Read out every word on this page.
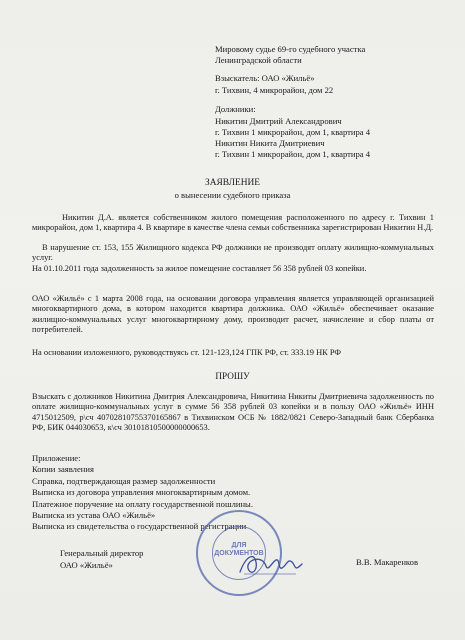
Мировому судье 69-го судебного участка
Ленинградской области
Взыскатель: ОАО «Жильё»
г. Тихвин, 4 микрорайон, дом 22
Должники:
Никитин Дмитрий Александрович
г. Тихвин 1 микрорайон, дом 1, квартира 4
Никитин Никита Дмитриевич
г. Тихвин 1 микрорайон, дом 1, квартира 4
ЗАЯВЛЕНИЕ
о вынесении судебного приказа
Никитин Д.А. является собственником жилого помещения расположенного по адресу г. Тихвин 1 микрорайон, дом 1, квартира 4. В квартире в качестве члена семьи собственника зарегистрирован Никитин Н.Д.
В нарушение ст. 153, 155 Жилищного кодекса РФ должники не производят оплату жилищно-коммунальных услуг.
На 01.10.2011 года задолженность за жилое помещение составляет 56 358 рублей 03 копейки.
ОАО «Жильё» с 1 марта 2008 года, на основании договора управления является управляющей организацией многоквартирного дома, в котором находится квартира должника. ОАО «Жильё» обеспечивает оказание жилищно-коммунальных услуг многоквартирному дому, производит расчет, начисление и сбор платы от потребителей.
На основании изложенного, руководствуясь ст. 121-123,124 ГПК РФ, ст. 333.19 НК РФ
ПРОШУ
Взыскать с должников Никитина Дмитрия Александровича, Никитина Никиты Дмитриевича задолженность по оплате жилищно-коммунальных услуг в сумме 56 358 рублей 03 копейки и в пользу ОАО «Жильё» ИНН 4715012509, р\сч 40702810755370165867 в Тихвинском ОСБ № 1882/0821 Северо-Западный банк Сбербанка РФ, БИК 044030653, к\сч 30101810500000000653.
Приложение:
Копии заявления
Справка, подтверждающая размер задолженности
Выписка из договора управления многоквартирным домом.
Платежное поручение на оплату государственной пошлины.
Выписка из устава ОАО «Жильё»
Выписка из свидетельства о государственной регистрации
Генеральный директор
ОАО «Жильё»	В.В. Макаренков
ДЛЯ
ДОКУМЕНТОВ
